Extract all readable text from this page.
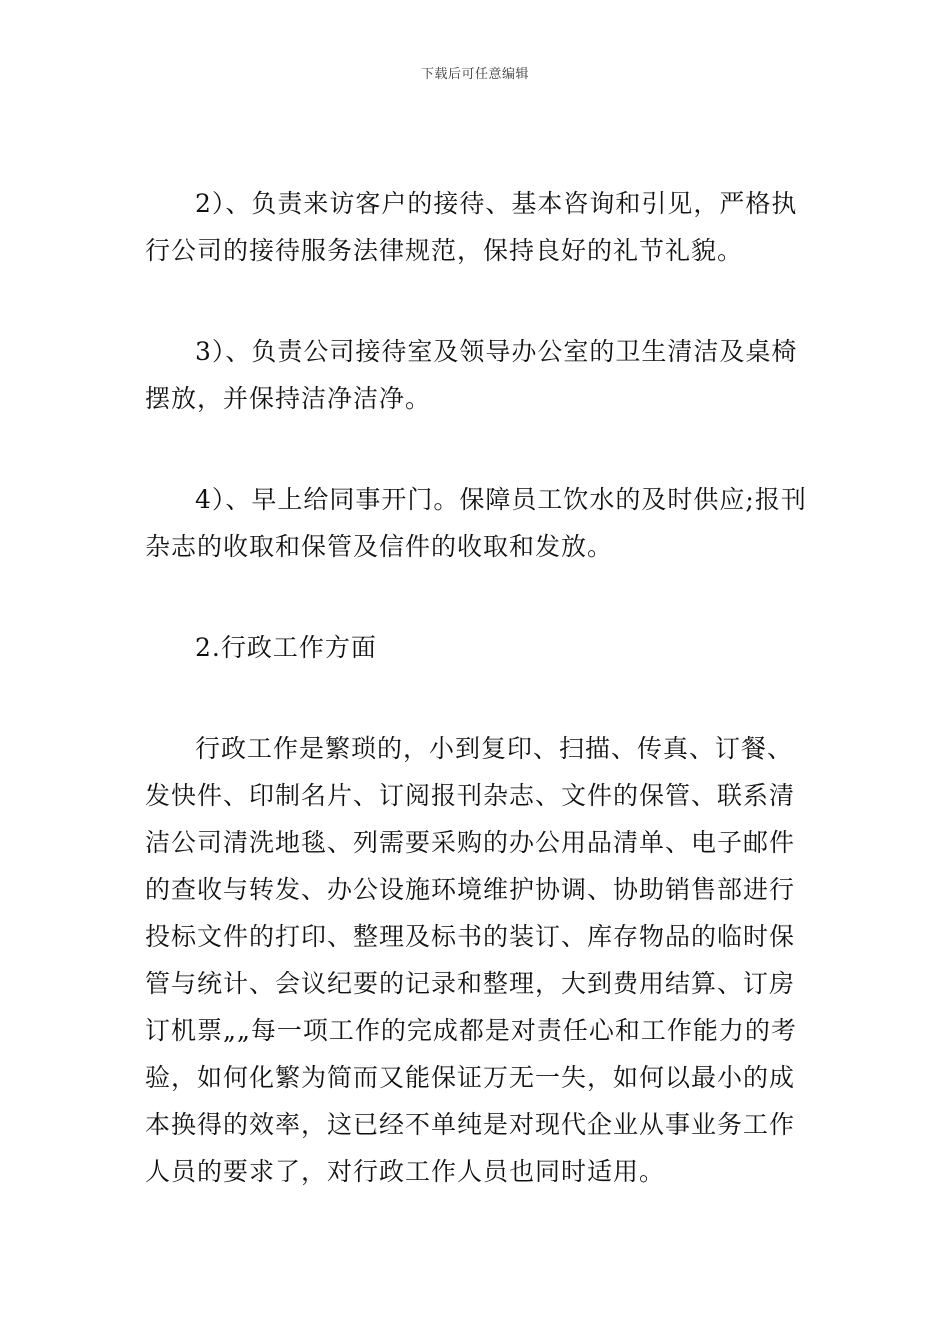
下载后可任意编辑

2）、负责来访客户的接待、基本咨询和引见，严格执行公司的接待服务法律规范，保持良好的礼节礼貌。

3）、负责公司接待室及领导办公室的卫生清洁及桌椅摆放，并保持洁净洁净。

4）、早上给同事开门。保障员工饮水的及时供应;报刊杂志的收取和保管及信件的收取和发放。

2.行政工作方面

行政工作是繁琐的，小到复印、扫描、传真、订餐、发快件、印制名片、订阅报刊杂志、文件的保管、联系清洁公司清洗地毯、列需要采购的办公用品清单、电子邮件的查收与转发、办公设施环境维护协调、协助销售部进行投标文件的打印、整理及标书的装订、库存物品的临时保管与统计、会议纪要的记录和整理，大到费用结算、订房订机票„„每一项工作的完成都是对责任心和工作能力的考验，如何化繁为简而又能保证万无一失，如何以最小的成本换得的效率，这已经不单纯是对现代企业从事业务工作人员的要求了，对行政工作人员也同时适用。
